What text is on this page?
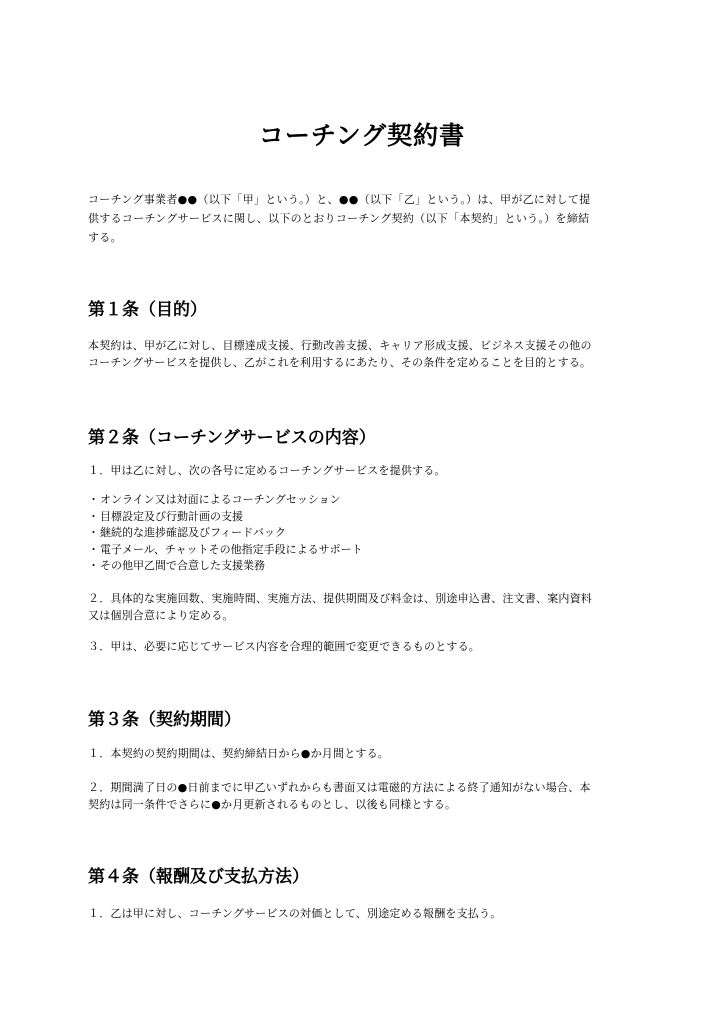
コーチング契約書
コーチング事業者●●（以下「甲」という。）と、●●（以下「乙」という。）は、甲が乙に対して提
供するコーチングサービスに関し、以下のとおりコーチング契約（以下「本契約」という。）を締結
する。
第１条（目的）
本契約は、甲が乙に対し、目標達成支援、行動改善支援、キャリア形成支援、ビジネス支援その他の
コーチングサービスを提供し、乙がこれを利用するにあたり、その条件を定めることを目的とする。
第２条（コーチングサービスの内容）
１．甲は乙に対し、次の各号に定めるコーチングサービスを提供する。
・オンライン又は対面によるコーチングセッション
・目標設定及び行動計画の支援
・継続的な進捗確認及びフィードバック
・電子メール、チャットその他指定手段によるサポート
・その他甲乙間で合意した支援業務
２．具体的な実施回数、実施時間、実施方法、提供期間及び料金は、別途申込書、注文書、案内資料
又は個別合意により定める。
３．甲は、必要に応じてサービス内容を合理的範囲で変更できるものとする。
第３条（契約期間）
１．本契約の契約期間は、契約締結日から●か月間とする。
２．期間満了日の●日前までに甲乙いずれからも書面又は電磁的方法による終了通知がない場合、本
契約は同一条件でさらに●か月更新されるものとし、以後も同様とする。
第４条（報酬及び支払方法）
１．乙は甲に対し、コーチングサービスの対価として、別途定める報酬を支払う。
